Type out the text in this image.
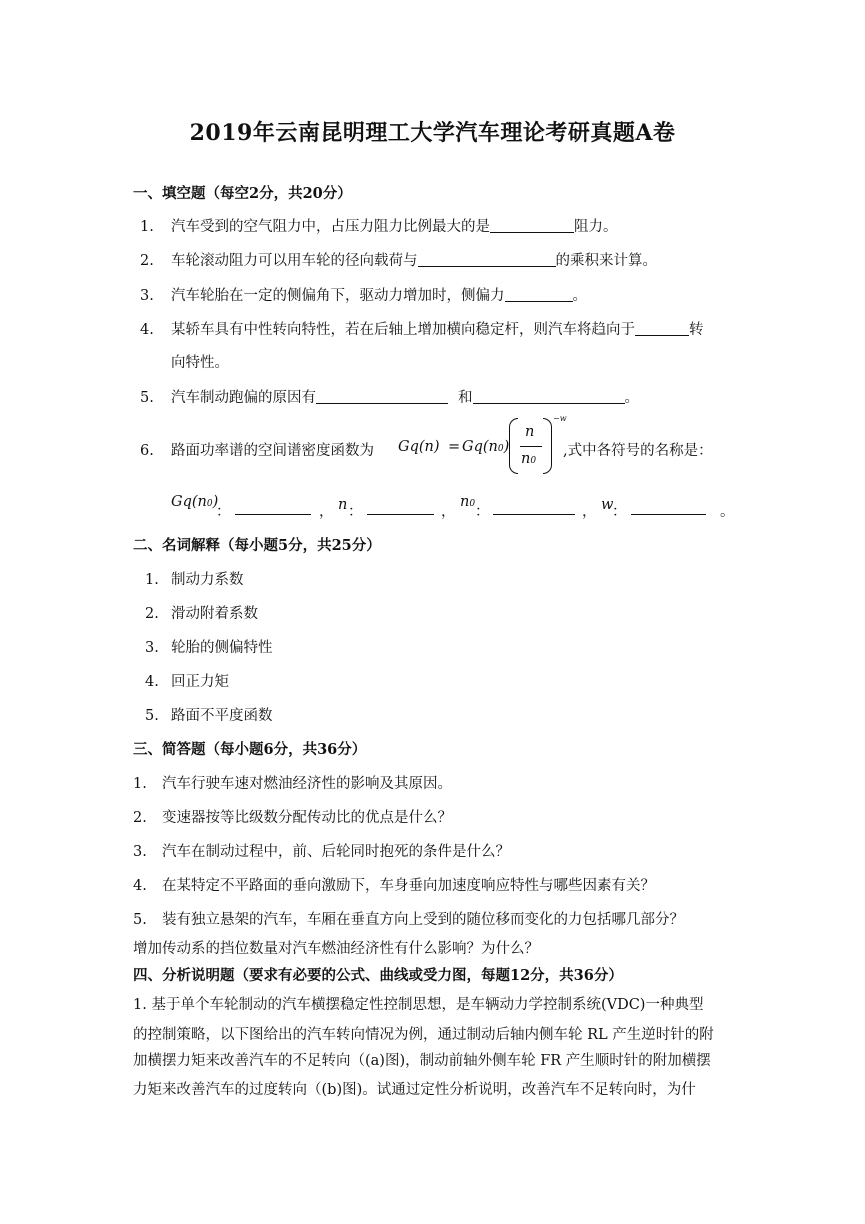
2019年云南昆明理工大学汽车理论考研真题A卷
一、填空题（每空2分，共20分）
1. 汽车受到的空气阻力中，占压力阻力比例最大的是	阻力。
2. 车轮滚动阻力可以用车轮的径向载荷与	的乘积来计算。
3. 汽车轮胎在一定的侧偏角下，驱动力增加时，侧偏力	。
4. 某轿车具有中性转向特性，若在后轴上增加横向稳定杆，则汽车将趋向于	转
向特性。
5. 汽车制动跑偏的原因有	和	。
6. 路面功率谱的空间谱密度函数为 Gq(n) = Gq(n0)
n
n0
−w
,式中各符号的名称是：
Gq(n0)
：	， n ：	，
n0 ：	， w
：	。
二、名词解释（每小题5分，共25分）
1. 制动力系数
2. 滑动附着系数
3. 轮胎的侧偏特性
4. 回正力矩
5. 路面不平度函数
三、简答题（每小题6分，共36分）
1. 汽车行驶车速对燃油经济性的影响及其原因。
2. 变速器按等比级数分配传动比的优点是什么？
3. 汽车在制动过程中，前、后轮同时抱死的条件是什么？
4. 在某特定不平路面的垂向激励下，车身垂向加速度响应特性与哪些因素有关？
5. 装有独立悬架的汽车，车厢在垂直方向上受到的随位移而变化的力包括哪几部分？
增加传动系的挡位数量对汽车燃油经济性有什么影响？为什么？
四、分析说明题（要求有必要的公式、曲线或受力图，每题12分，共36分）
1. 基于单个车轮制动的汽车横摆稳定性控制思想，是车辆动力学控制系统(VDC)一种典型
的控制策略，以下图给出的汽车转向情况为例，通过制动后轴内侧车轮 RL 产生逆时针的附
加横摆力矩来改善汽车的不足转向（(a)图)，制动前轴外侧车轮 FR 产生顺时针的附加横摆
力矩来改善汽车的过度转向（(b)图)。试通过定性分析说明，改善汽车不足转向时，为什
